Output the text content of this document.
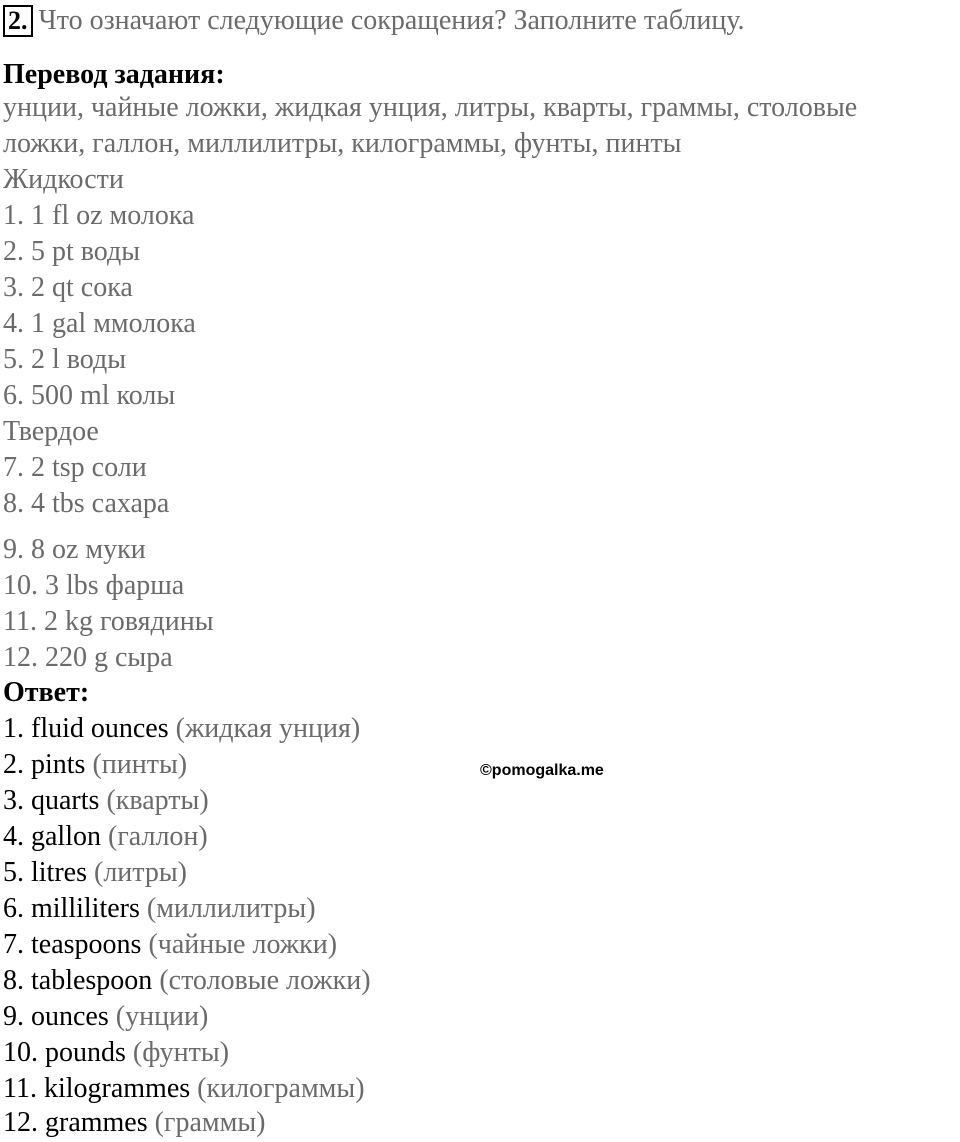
2. Что означают следующие сокращения? Заполните таблицу.
Перевод задания:
унции, чайные ложки, жидкая унция, литры, кварты, граммы, столовые
ложки, галлон, миллилитры, килограммы, фунты, пинты
Жидкости
1. 1 fl oz молока
2. 5 pt воды
3. 2 qt сока
4. 1 gal ммолока
5. 2 l воды
6. 500 ml колы
Твердое
7. 2 tsp соли
8. 4 tbs сахара
9. 8 oz муки
10. 3 lbs фарша
11. 2 kg говядины
12. 220 g сыра
Ответ:
1. fluid ounces (жидкая унция)
2. pints (пинты)
3. quarts (кварты)
4. gallon (галлон)
5. litres (литры)
6. milliliters (миллилитры)
7. teaspoons (чайные ложки)
8. tablespoon (столовые ложки)
9. ounces (унции)
10. pounds (фунты)
11. kilogrammes (килограммы)
12. grammes (граммы)
©pomogalka.me
